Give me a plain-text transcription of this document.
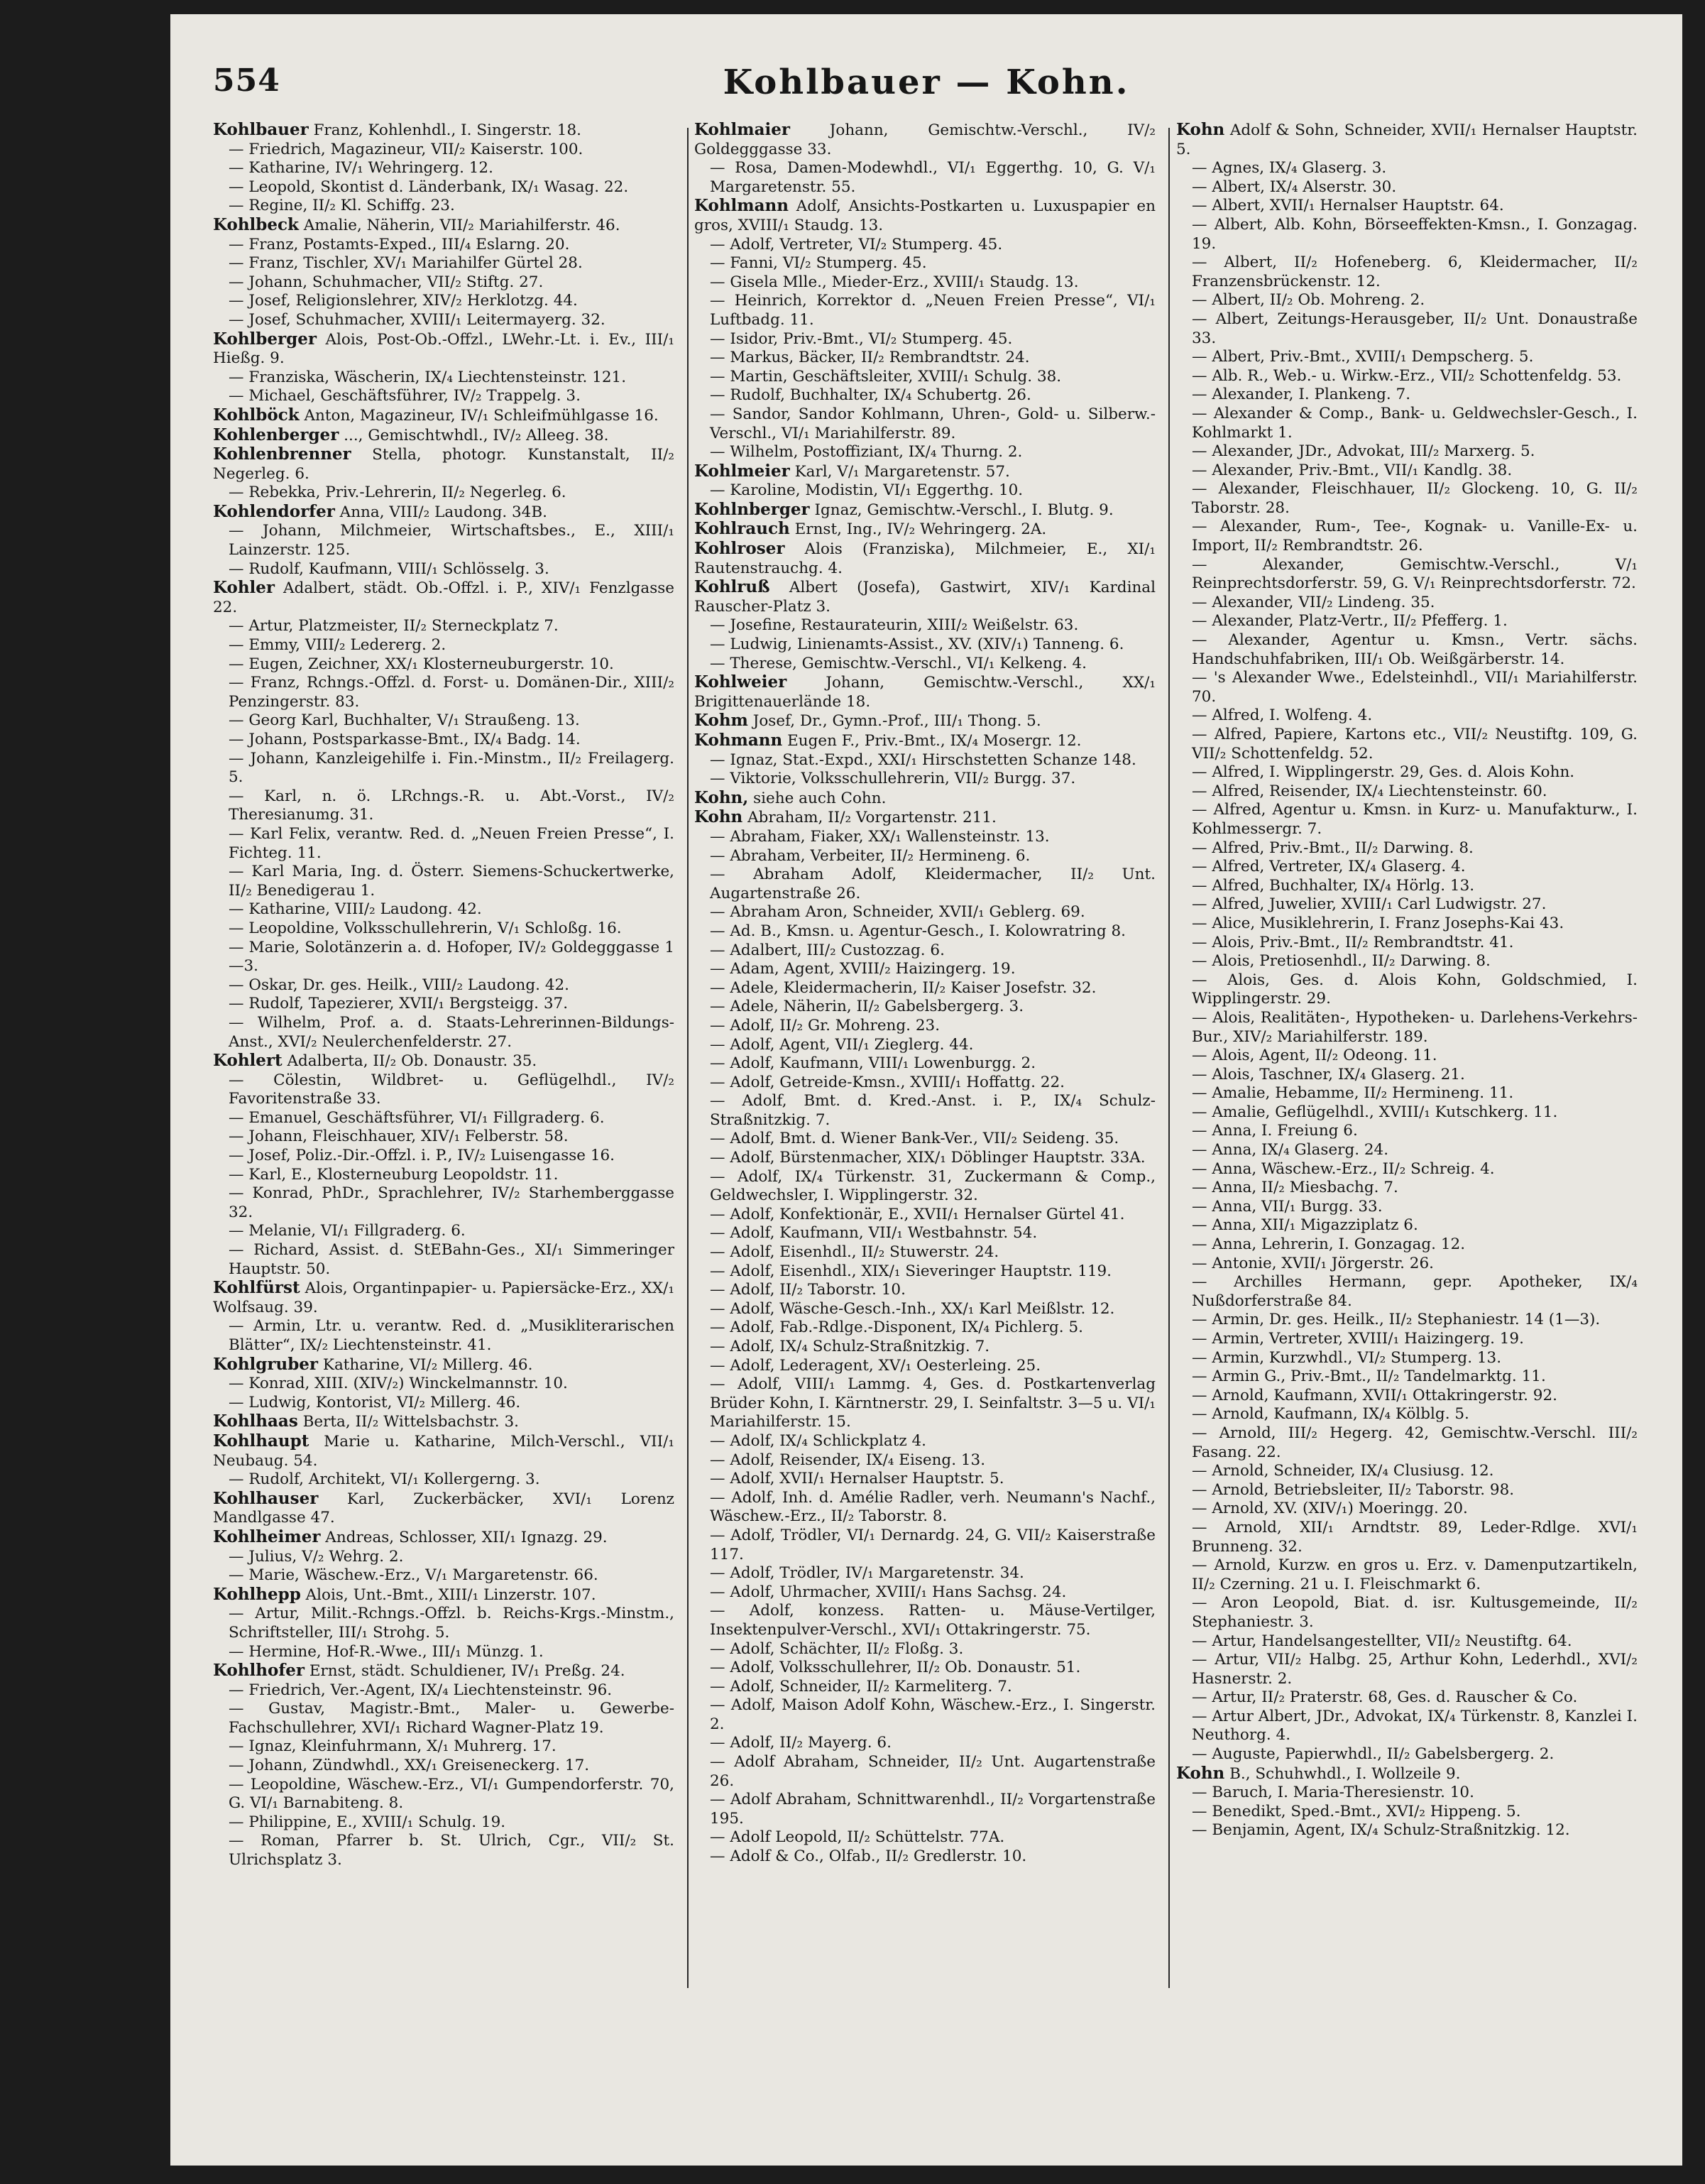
554	Kohlbauer — Kohn.
Kohlbauer Franz, Kohlenhdl., I. Singerstr. 18.
— Friedrich, Magazineur, VII/₂ Kaiserstr. 100.
— Katharine, IV/₁ Wehringerg. 12.
— Leopold, Skontist d. Länderbank, IX/₁ Wasag. 22.
— Regine, II/₂ Kl. Schiffg. 23.
Kohlbeck Amalie, Näherin, VII/₂ Mariahilferstr. 46.
— Franz, Postamts-Exped., III/₄ Eslarng. 20.
— Franz, Tischler, XV/₁ Mariahilfer Gürtel 28.
— Johann, Schuhmacher, VII/₂ Stiftg. 27.
— Josef, Religionslehrer, XIV/₂ Herklotzg. 44.
— Josef, Schuhmacher, XVIII/₁ Leitermayerg. 32.
Kohlberger Alois, Post-Ob.-Offzl., LWehr.-Lt. i. Ev., III/₁ Hießg. 9.
— Franziska, Wäscherin, IX/₄ Liechtensteinstr. 121.
— Michael, Geschäftsführer, IV/₂ Trappelg. 3.
Kohlböck Anton, Magazineur, IV/₁ Schleifmühlgasse 16.
Kohlenberger ..., Gemischtwhdl., IV/₂ Alleeg. 38.
Kohlenbrenner Stella, photogr. Kunstanstalt, II/₂ Negerleg. 6.
— Rebekka, Priv.-Lehrerin, II/₂ Negerleg. 6.
Kohlendorfer Anna, VIII/₂ Laudong. 34B.
— Johann, Milchmeier, Wirtschaftsbes., E., XIII/₁ Lainzerstr. 125.
— Rudolf, Kaufmann, VIII/₁ Schlösselg. 3.
Kohler Adalbert, städt. Ob.-Offzl. i. P., XIV/₁ Fenzlgasse 22.
— Artur, Platzmeister, II/₂ Sterneckplatz 7.
— Emmy, VIII/₂ Ledererg. 2.
— Eugen, Zeichner, XX/₁ Klosterneuburgerstr. 10.
— Franz, Rchngs.-Offzl. d. Forst- u. Domänen-Dir., XIII/₂ Penzingerstr. 83.
— Georg Karl, Buchhalter, V/₁ Straußeng. 13.
— Johann, Postsparkasse-Bmt., IX/₄ Badg. 14.
— Johann, Kanzleigehilfe i. Fin.-Minstm., II/₂ Freilagerg. 5.
— Karl, n. ö. LRchngs.-R. u. Abt.-Vorst., IV/₂ Theresianumg. 31.
— Karl Felix, verantw. Red. d. „Neuen Freien Presse“, I. Fichteg. 11.
— Karl Maria, Ing. d. Österr. Siemens-Schuckertwerke, II/₂ Benedigerau 1.
— Katharine, VIII/₂ Laudong. 42.
— Leopoldine, Volksschullehrerin, V/₁ Schloßg. 16.
— Marie, Solotänzerin a. d. Hofoper, IV/₂ Goldegggasse 1—3.
— Oskar, Dr. ges. Heilk., VIII/₂ Laudong. 42.
— Rudolf, Tapezierer, XVII/₁ Bergsteigg. 37.
— Wilhelm, Prof. a. d. Staats-Lehrerinnen-Bildungs-Anst., XVI/₂ Neulerchenfelderstr. 27.
Kohlert Adalberta, II/₂ Ob. Donaustr. 35.
— Cölestin, Wildbret- u. Geflügelhdl., IV/₂ Favoritenstraße 33.
— Emanuel, Geschäftsführer, VI/₁ Fillgraderg. 6.
— Johann, Fleischhauer, XIV/₁ Felberstr. 58.
— Josef, Poliz.-Dir.-Offzl. i. P., IV/₂ Luisengasse 16.
— Karl, E., Klosterneuburg Leopoldstr. 11.
— Konrad, PhDr., Sprachlehrer, IV/₂ Starhemberggasse 32.
— Melanie, VI/₁ Fillgraderg. 6.
— Richard, Assist. d. StEBahn-Ges., XI/₁ Simmeringer Hauptstr. 50.
Kohlfürst Alois, Organtinpapier- u. Papiersäcke-Erz., XX/₁ Wolfsaug. 39.
— Armin, Ltr. u. verantw. Red. d. „Musikliterarischen Blätter“, IX/₂ Liechtensteinstr. 41.
Kohlgruber Katharine, VI/₂ Millerg. 46.
— Konrad, XIII. (XIV/₂) Winckelmannstr. 10.
— Ludwig, Kontorist, VI/₂ Millerg. 46.
Kohlhaas Berta, II/₂ Wittelsbachstr. 3.
Kohlhaupt Marie u. Katharine, Milch-Verschl., VII/₁ Neubaug. 54.
— Rudolf, Architekt, VI/₁ Kollergerng. 3.
Kohlhauser Karl, Zuckerbäcker, XVI/₁ Lorenz Mandlgasse 47.
Kohlheimer Andreas, Schlosser, XII/₁ Ignazg. 29.
— Julius, V/₂ Wehrg. 2.
— Marie, Wäschew.-Erz., V/₁ Margaretenstr. 66.
Kohlhepp Alois, Unt.-Bmt., XIII/₁ Linzerstr. 107.
— Artur, Milit.-Rchngs.-Offzl. b. Reichs-Krgs.-Minstm., Schriftsteller, III/₁ Strohg. 5.
— Hermine, Hof-R.-Wwe., III/₁ Münzg. 1.
Kohlhofer Ernst, städt. Schuldiener, IV/₁ Preßg. 24.
— Friedrich, Ver.-Agent, IX/₄ Liechtensteinstr. 96.
— Gustav, Magistr.-Bmt., Maler- u. Gewerbe-Fachschullehrer, XVI/₁ Richard Wagner-Platz 19.
— Ignaz, Kleinfuhrmann, X/₁ Muhrerg. 17.
— Johann, Zündwhdl., XX/₁ Greiseneckerg. 17.
— Leopoldine, Wäschew.-Erz., VI/₁ Gumpendorferstr. 70, G. VI/₁ Barnabiteng. 8.
— Philippine, E., XVIII/₁ Schulg. 19.
— Roman, Pfarrer b. St. Ulrich, Cgr., VII/₂ St. Ulrichsplatz 3.
Kohlmaier Johann, Gemischtw.-Verschl., IV/₂ Goldegggasse 33.
— Rosa, Damen-Modewhdl., VI/₁ Eggerthg. 10, G. V/₁ Margaretenstr. 55.
Kohlmann Adolf, Ansichts-Postkarten u. Luxuspapier en gros, XVIII/₁ Staudg. 13.
— Adolf, Vertreter, VI/₂ Stumperg. 45.
— Fanni, VI/₂ Stumperg. 45.
— Gisela Mlle., Mieder-Erz., XVIII/₁ Staudg. 13.
— Heinrich, Korrektor d. „Neuen Freien Presse“, VI/₁ Luftbadg. 11.
— Isidor, Priv.-Bmt., VI/₂ Stumperg. 45.
— Markus, Bäcker, II/₂ Rembrandtstr. 24.
— Martin, Geschäftsleiter, XVIII/₁ Schulg. 38.
— Rudolf, Buchhalter, IX/₄ Schubertg. 26.
— Sandor, Sandor Kohlmann, Uhren-, Gold- u. Silberw.-Verschl., VI/₁ Mariahilferstr. 89.
— Wilhelm, Postoffiziant, IX/₄ Thurng. 2.
Kohlmeier Karl, V/₁ Margaretenstr. 57.
— Karoline, Modistin, VI/₁ Eggerthg. 10.
Kohlnberger Ignaz, Gemischtw.-Verschl., I. Blutg. 9.
Kohlrauch Ernst, Ing., IV/₂ Wehringerg. 2A.
Kohlroser Alois (Franziska), Milchmeier, E., XI/₁ Rautenstrauchg. 4.
Kohlruß Albert (Josefa), Gastwirt, XIV/₁ Kardinal Rauscher-Platz 3.
— Josefine, Restaurateurin, XIII/₂ Weißelstr. 63.
— Ludwig, Linienamts-Assist., XV. (XIV/₁) Tanneng. 6.
— Therese, Gemischtw.-Verschl., VI/₁ Kelkeng. 4.
Kohlweier Johann, Gemischtw.-Verschl., XX/₁ Brigittenauerlände 18.
Kohm Josef, Dr., Gymn.-Prof., III/₁ Thong. 5.
Kohmann Eugen F., Priv.-Bmt., IX/₄ Mosergr. 12.
— Ignaz, Stat.-Expd., XXI/₁ Hirschstetten Schanze 148.
— Viktorie, Volksschullehrerin, VII/₂ Burgg. 37.
Kohn, siehe auch Cohn.
Kohn Abraham, II/₂ Vorgartenstr. 211.
— Abraham, Fiaker, XX/₁ Wallensteinstr. 13.
— Abraham, Verbeiter, II/₂ Hermineng. 6.
— Abraham Adolf, Kleidermacher, II/₂ Unt. Augartenstraße 26.
— Abraham Aron, Schneider, XVII/₁ Geblerg. 69.
— Ad. B., Kmsn. u. Agentur-Gesch., I. Kolowratring 8.
— Adalbert, III/₂ Custozzag. 6.
— Adam, Agent, XVIII/₂ Haizingerg. 19.
— Adele, Kleidermacherin, II/₂ Kaiser Josefstr. 32.
— Adele, Näherin, II/₂ Gabelsbergerg. 3.
— Adolf, II/₂ Gr. Mohreng. 23.
— Adolf, Agent, VII/₁ Zieglerg. 44.
— Adolf, Kaufmann, VIII/₁ Lowenburgg. 2.
— Adolf, Getreide-Kmsn., XVIII/₁ Hoffattg. 22.
— Adolf, Bmt. d. Kred.-Anst. i. P., IX/₄ Schulz-Straßnitzkig. 7.
— Adolf, Bmt. d. Wiener Bank-Ver., VII/₂ Seideng. 35.
— Adolf, Bürstenmacher, XIX/₁ Döblinger Hauptstr. 33A.
— Adolf, IX/₄ Türkenstr. 31, Zuckermann & Comp., Geldwechsler, I. Wipplingerstr. 32.
— Adolf, Konfektionär, E., XVII/₁ Hernalser Gürtel 41.
— Adolf, Kaufmann, VII/₁ Westbahnstr. 54.
— Adolf, Eisenhdl., II/₂ Stuwerstr. 24.
— Adolf, Eisenhdl., XIX/₁ Sieveringer Hauptstr. 119.
— Adolf, II/₂ Taborstr. 10.
— Adolf, Wäsche-Gesch.-Inh., XX/₁ Karl Meißlstr. 12.
— Adolf, Fab.-Rdlge.-Disponent, IX/₄ Pichlerg. 5.
— Adolf, IX/₄ Schulz-Straßnitzkig. 7.
— Adolf, Lederagent, XV/₁ Oesterleing. 25.
— Adolf, VIII/₁ Lammg. 4, Ges. d. Postkartenverlag Brüder Kohn, I. Kärntnerstr. 29, I. Seinfaltstr. 3—5 u. VI/₁ Mariahilferstr. 15.
— Adolf, IX/₄ Schlickplatz 4.
— Adolf, Reisender, IX/₄ Eiseng. 13.
— Adolf, XVII/₁ Hernalser Hauptstr. 5.
— Adolf, Inh. d. Amélie Radler, verh. Neumann's Nachf., Wäschew.-Erz., II/₂ Taborstr. 8.
— Adolf, Trödler, VI/₁ Dernardg. 24, G. VII/₂ Kaiserstraße 117.
— Adolf, Trödler, IV/₁ Margaretenstr. 34.
— Adolf, Uhrmacher, XVIII/₁ Hans Sachsg. 24.
— Adolf, konzess. Ratten- u. Mäuse-Vertilger, Insektenpulver-Verschl., XVI/₁ Ottakringerstr. 75.
— Adolf, Schächter, II/₂ Floßg. 3.
— Adolf, Volksschullehrer, II/₂ Ob. Donaustr. 51.
— Adolf, Schneider, II/₂ Karmeliterg. 7.
— Adolf, Maison Adolf Kohn, Wäschew.-Erz., I. Singerstr. 2.
— Adolf, II/₂ Mayerg. 6.
— Adolf Abraham, Schneider, II/₂ Unt. Augartenstraße 26.
— Adolf Abraham, Schnittwarenhdl., II/₂ Vorgartenstraße 195.
— Adolf Leopold, II/₂ Schüttelstr. 77A.
— Adolf & Co., Olfab., II/₂ Gredlerstr. 10.
Kohn Adolf & Sohn, Schneider, XVII/₁ Hernalser Hauptstr. 5.
— Agnes, IX/₄ Glaserg. 3.
— Albert, IX/₄ Alserstr. 30.
— Albert, XVII/₁ Hernalser Hauptstr. 64.
— Albert, Alb. Kohn, Börseeffekten-Kmsn., I. Gonzagag. 19.
— Albert, II/₂ Hofeneberg. 6, Kleidermacher, II/₂ Franzensbrückenstr. 12.
— Albert, II/₂ Ob. Mohreng. 2.
— Albert, Zeitungs-Herausgeber, II/₂ Unt. Donaustraße 33.
— Albert, Priv.-Bmt., XVIII/₁ Dempscherg. 5.
— Alb. R., Web.- u. Wirkw.-Erz., VII/₂ Schottenfeldg. 53.
— Alexander, I. Plankeng. 7.
— Alexander & Comp., Bank- u. Geldwechsler-Gesch., I. Kohlmarkt 1.
— Alexander, JDr., Advokat, III/₂ Marxerg. 5.
— Alexander, Priv.-Bmt., VII/₁ Kandlg. 38.
— Alexander, Fleischhauer, II/₂ Glockeng. 10, G. II/₂ Taborstr. 28.
— Alexander, Rum-, Tee-, Kognak- u. Vanille-Ex- u. Import, II/₂ Rembrandtstr. 26.
— Alexander, Gemischtw.-Verschl., V/₁ Reinprechtsdorferstr. 59, G. V/₁ Reinprechtsdorferstr. 72.
— Alexander, VII/₂ Lindeng. 35.
— Alexander, Platz-Vertr., II/₂ Pfefferg. 1.
— Alexander, Agentur u. Kmsn., Vertr. sächs. Handschuhfabriken, III/₁ Ob. Weißgärberstr. 14.
— 's Alexander Wwe., Edelsteinhdl., VII/₁ Mariahilferstr. 70.
— Alfred, I. Wolfeng. 4.
— Alfred, Papiere, Kartons etc., VII/₂ Neustiftg. 109, G. VII/₂ Schottenfeldg. 52.
— Alfred, I. Wipplingerstr. 29, Ges. d. Alois Kohn.
— Alfred, Reisender, IX/₄ Liechtensteinstr. 60.
— Alfred, Agentur u. Kmsn. in Kurz- u. Manufakturw., I. Kohlmessergr. 7.
— Alfred, Priv.-Bmt., II/₂ Darwing. 8.
— Alfred, Vertreter, IX/₄ Glaserg. 4.
— Alfred, Buchhalter, IX/₄ Hörlg. 13.
— Alfred, Juwelier, XVIII/₁ Carl Ludwigstr. 27.
— Alice, Musiklehrerin, I. Franz Josephs-Kai 43.
— Alois, Priv.-Bmt., II/₂ Rembrandtstr. 41.
— Alois, Pretiosenhdl., II/₂ Darwing. 8.
— Alois, Ges. d. Alois Kohn, Goldschmied, I. Wipplingerstr. 29.
— Alois, Realitäten-, Hypotheken- u. Darlehens-Verkehrs-Bur., XIV/₂ Mariahilferstr. 189.
— Alois, Agent, II/₂ Odeong. 11.
— Alois, Taschner, IX/₄ Glaserg. 21.
— Amalie, Hebamme, II/₂ Hermineng. 11.
— Amalie, Geflügelhdl., XVIII/₁ Kutschkerg. 11.
— Anna, I. Freiung 6.
— Anna, IX/₄ Glaserg. 24.
— Anna, Wäschew.-Erz., II/₂ Schreig. 4.
— Anna, II/₂ Miesbachg. 7.
— Anna, VII/₁ Burgg. 33.
— Anna, XII/₁ Migazziplatz 6.
— Anna, Lehrerin, I. Gonzagag. 12.
— Antonie, XVII/₁ Jörgerstr. 26.
— Archilles Hermann, gepr. Apotheker, IX/₄ Nußdorferstraße 84.
— Armin, Dr. ges. Heilk., II/₂ Stephaniestr. 14 (1—3).
— Armin, Vertreter, XVIII/₁ Haizingerg. 19.
— Armin, Kurzwhdl., VI/₂ Stumperg. 13.
— Armin G., Priv.-Bmt., II/₂ Tandelmarktg. 11.
— Arnold, Kaufmann, XVII/₁ Ottakringerstr. 92.
— Arnold, Kaufmann, IX/₄ Kölblg. 5.
— Arnold, III/₂ Hegerg. 42, Gemischtw.-Verschl. III/₂ Fasang. 22.
— Arnold, Schneider, IX/₄ Clusiusg. 12.
— Arnold, Betriebsleiter, II/₂ Taborstr. 98.
— Arnold, XV. (XIV/₁) Moeringg. 20.
— Arnold, XII/₁ Arndtstr. 89, Leder-Rdlge. XVI/₁ Brunneng. 32.
— Arnold, Kurzw. en gros u. Erz. v. Damenputzartikeln, II/₂ Czerning. 21 u. I. Fleischmarkt 6.
— Aron Leopold, Biat. d. isr. Kultusgemeinde, II/₂ Stephaniestr. 3.
— Artur, Handelsangestellter, VII/₂ Neustiftg. 64.
— Artur, VII/₂ Halbg. 25, Arthur Kohn, Lederhdl., XVI/₂ Hasnerstr. 2.
— Artur, II/₂ Praterstr. 68, Ges. d. Rauscher & Co.
— Artur Albert, JDr., Advokat, IX/₄ Türkenstr. 8, Kanzlei I. Neuthorg. 4.
— Auguste, Papierwhdl., II/₂ Gabelsbergerg. 2.
Kohn B., Schuhwhdl., I. Wollzeile 9.
— Baruch, I. Maria-Theresienstr. 10.
— Benedikt, Sped.-Bmt., XVI/₂ Hippeng. 5.
— Benjamin, Agent, IX/₄ Schulz-Straßnitzkig. 12.
